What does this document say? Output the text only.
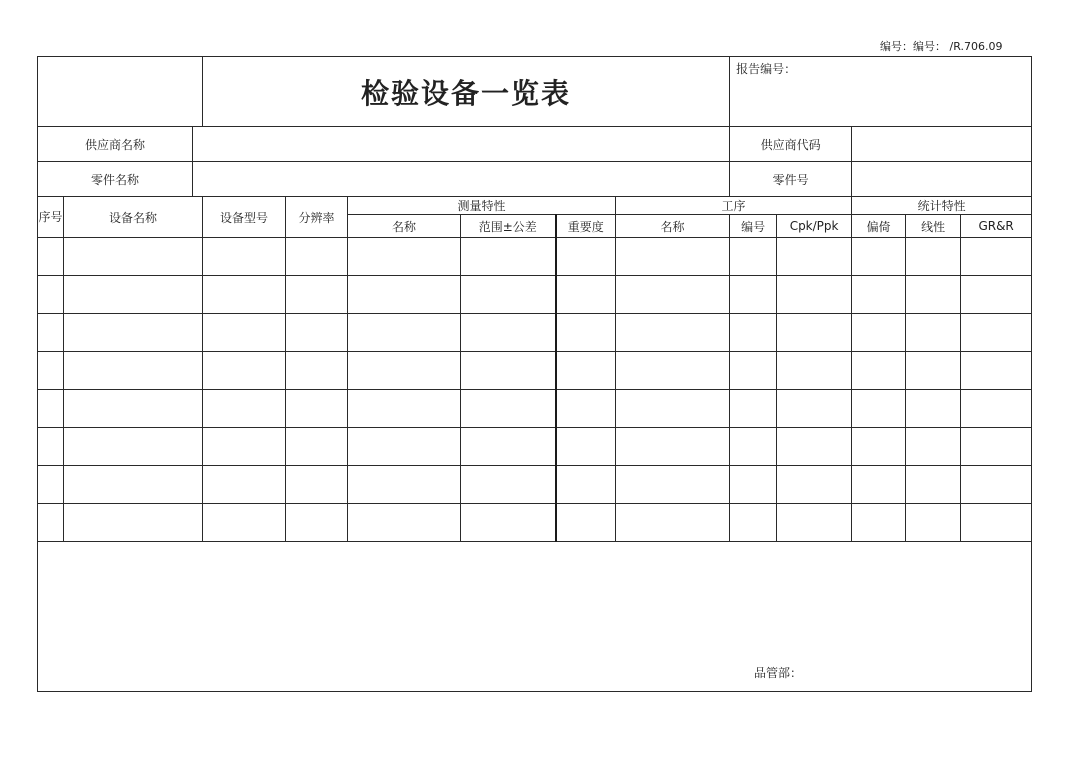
编号：编号： /R.706.09
			检验设备一览表						报告编号：				
供应商名称									供应商代码				
零件名称									零件号				
序号	设备名称		设备型号	分辨率	测量特性			工序			统计特性		
					名称	范围±公差	重要度	名称	编号	Cpk/Ppk	偏倚	线性	GR&R

品管部：													
